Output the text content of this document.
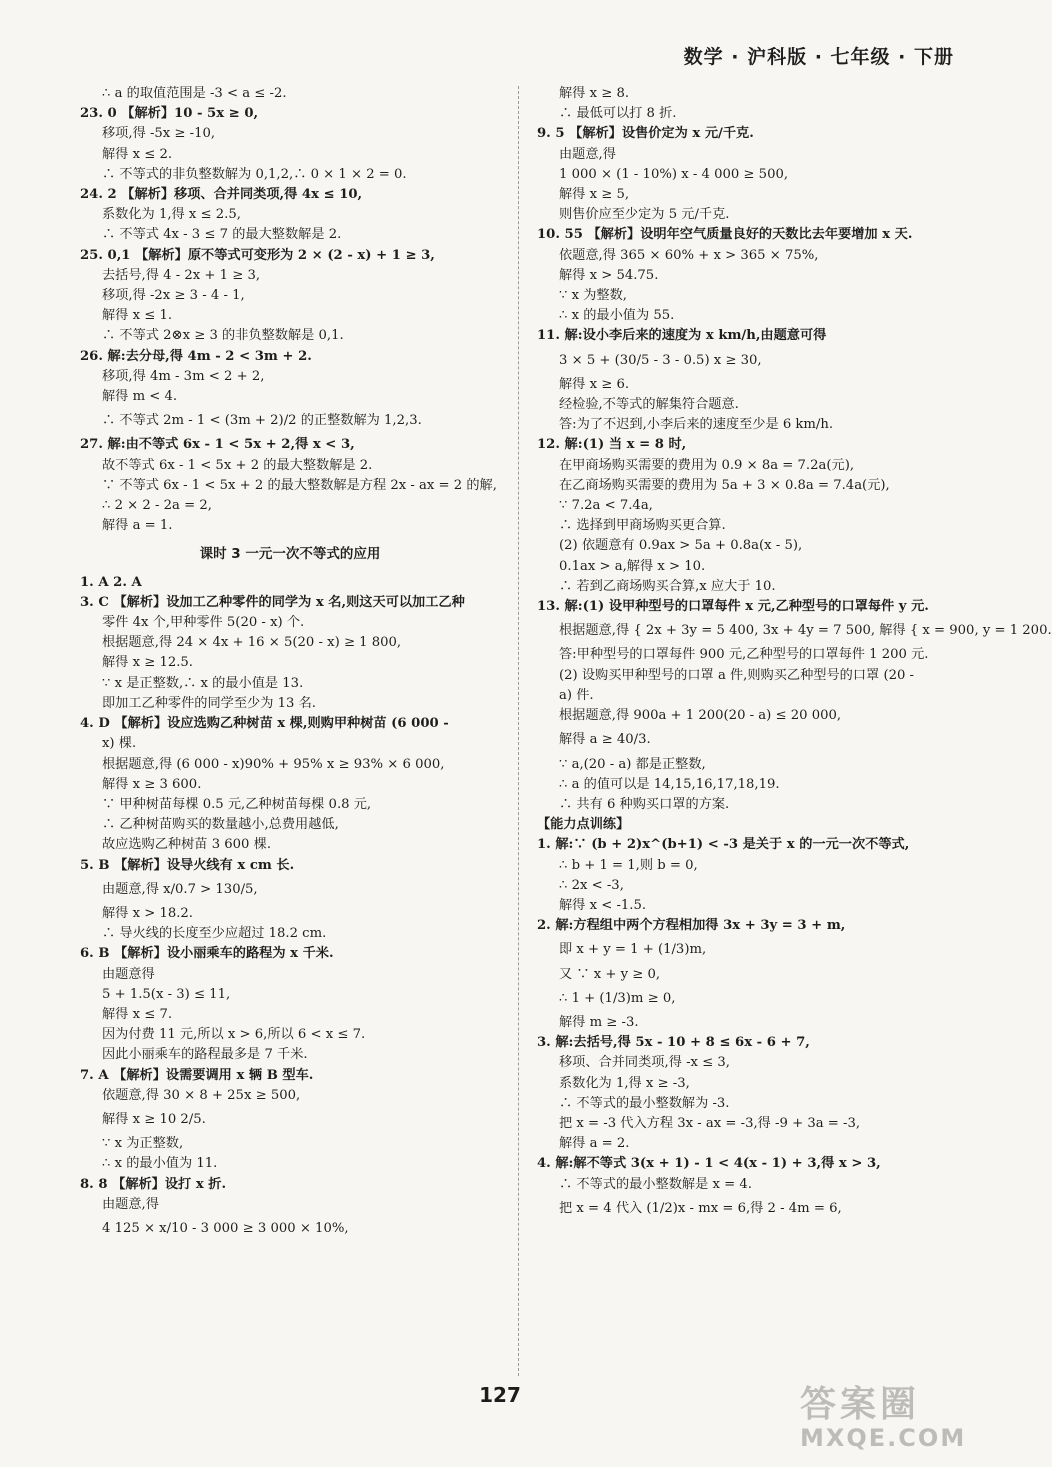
数学 · 沪科版 · 七年级 · 下册
∴ a 的取值范围是 -3 < a ≤ -2.
23. 0 【解析】10 - 5x ≥ 0,
移项,得 -5x ≥ -10,
解得 x ≤ 2.
∴ 不等式的非负整数解为 0,1,2,∴ 0 × 1 × 2 = 0.
24. 2 【解析】移项、合并同类项,得 4x ≤ 10,
系数化为 1,得 x ≤ 2.5,
∴ 不等式 4x - 3 ≤ 7 的最大整数解是 2.
25. 0,1 【解析】原不等式可变形为 2 × (2 - x) + 1 ≥ 3,
去括号,得 4 - 2x + 1 ≥ 3,
移项,得 -2x ≥ 3 - 4 - 1,
解得 x ≤ 1.
∴ 不等式 2⊗x ≥ 3 的非负整数解是 0,1.
26. 解:去分母,得 4m - 2 < 3m + 2.
移项,得 4m - 3m < 2 + 2,
解得 m < 4.
∴ 不等式 2m - 1 < (3m + 2)/2 的正整数解为 1,2,3.
27. 解:由不等式 6x - 1 < 5x + 2,得 x < 3,
故不等式 6x - 1 < 5x + 2 的最大整数解是 2.
∵ 不等式 6x - 1 < 5x + 2 的最大整数解是方程 2x - ax = 2 的解,
∴ 2 × 2 - 2a = 2,
解得 a = 1.
课时 3 一元一次不等式的应用
1. A 2. A
3. C 【解析】设加工乙种零件的同学为 x 名,则这天可以加工乙种
零件 4x 个,甲种零件 5(20 - x) 个.
根据题意,得 24 × 4x + 16 × 5(20 - x) ≥ 1 800,
解得 x ≥ 12.5.
∵ x 是正整数,∴ x 的最小值是 13.
即加工乙种零件的同学至少为 13 名.
4. D 【解析】设应选购乙种树苗 x 棵,则购甲种树苗 (6 000 -
x) 棵.
根据题意,得 (6 000 - x)90% + 95% x ≥ 93% × 6 000,
解得 x ≥ 3 600.
∵ 甲种树苗每棵 0.5 元,乙种树苗每棵 0.8 元,
∴ 乙种树苗购买的数量越小,总费用越低,
故应选购乙种树苗 3 600 棵.
5. B 【解析】设导火线有 x cm 长.
由题意,得 x/0.7 > 130/5,
解得 x > 18.2.
∴ 导火线的长度至少应超过 18.2 cm.
6. B 【解析】设小丽乘车的路程为 x 千米.
由题意得
5 + 1.5(x - 3) ≤ 11,
解得 x ≤ 7.
因为付费 11 元,所以 x > 6,所以 6 < x ≤ 7.
因此小丽乘车的路程最多是 7 千米.
7. A 【解析】设需要调用 x 辆 B 型车.
依题意,得 30 × 8 + 25x ≥ 500,
解得 x ≥ 10 2/5.
∵ x 为正整数,
∴ x 的最小值为 11.
8. 8 【解析】设打 x 折.
由题意,得
4 125 × x/10 - 3 000 ≥ 3 000 × 10%,
解得 x ≥ 8.
∴ 最低可以打 8 折.
9. 5 【解析】设售价定为 x 元/千克.
由题意,得
1 000 × (1 - 10%) x - 4 000 ≥ 500,
解得 x ≥ 5,
则售价应至少定为 5 元/千克.
10. 55 【解析】设明年空气质量良好的天数比去年要增加 x 天.
依题意,得 365 × 60% + x > 365 × 75%,
解得 x > 54.75.
∵ x 为整数,
∴ x 的最小值为 55.
11. 解:设小李后来的速度为 x km/h,由题意可得
3 × 5 + (30/5 - 3 - 0.5) x ≥ 30,
解得 x ≥ 6.
经检验,不等式的解集符合题意.
答:为了不迟到,小李后来的速度至少是 6 km/h.
12. 解:(1) 当 x = 8 时,
在甲商场购买需要的费用为 0.9 × 8a = 7.2a(元),
在乙商场购买需要的费用为 5a + 3 × 0.8a = 7.4a(元),
∵ 7.2a < 7.4a,
∴ 选择到甲商场购买更合算.
(2) 依题意有 0.9ax > 5a + 0.8a(x - 5),
0.1ax > a,解得 x > 10.
∴ 若到乙商场购买合算,x 应大于 10.
13. 解:(1) 设甲种型号的口罩每件 x 元,乙种型号的口罩每件 y 元.
根据题意,得 { 2x + 3y = 5 400, 3x + 4y = 7 500, 解得 { x = 900, y = 1 200.
答:甲种型号的口罩每件 900 元,乙种型号的口罩每件 1 200 元.
(2) 设购买甲种型号的口罩 a 件,则购买乙种型号的口罩 (20 -
a) 件.
根据题意,得 900a + 1 200(20 - a) ≤ 20 000,
解得 a ≥ 40/3.
∵ a,(20 - a) 都是正整数,
∴ a 的值可以是 14,15,16,17,18,19.
∴ 共有 6 种购买口罩的方案.
【能力点训练】
1. 解:∵ (b + 2)x^(b+1) < -3 是关于 x 的一元一次不等式,
∴ b + 1 = 1,则 b = 0,
∴ 2x < -3,
解得 x < -1.5.
2. 解:方程组中两个方程相加得 3x + 3y = 3 + m,
即 x + y = 1 + (1/3)m,
又 ∵ x + y ≥ 0,
∴ 1 + (1/3)m ≥ 0,
解得 m ≥ -3.
3. 解:去括号,得 5x - 10 + 8 ≤ 6x - 6 + 7,
移项、合并同类项,得 -x ≤ 3,
系数化为 1,得 x ≥ -3,
∴ 不等式的最小整数解为 -3.
把 x = -3 代入方程 3x - ax = -3,得 -9 + 3a = -3,
解得 a = 2.
4. 解:解不等式 3(x + 1) - 1 < 4(x - 1) + 3,得 x > 3,
∴ 不等式的最小整数解是 x = 4.
把 x = 4 代入 (1/2)x - mx = 6,得 2 - 4m = 6,
127	答案圈
MXQE.COM
